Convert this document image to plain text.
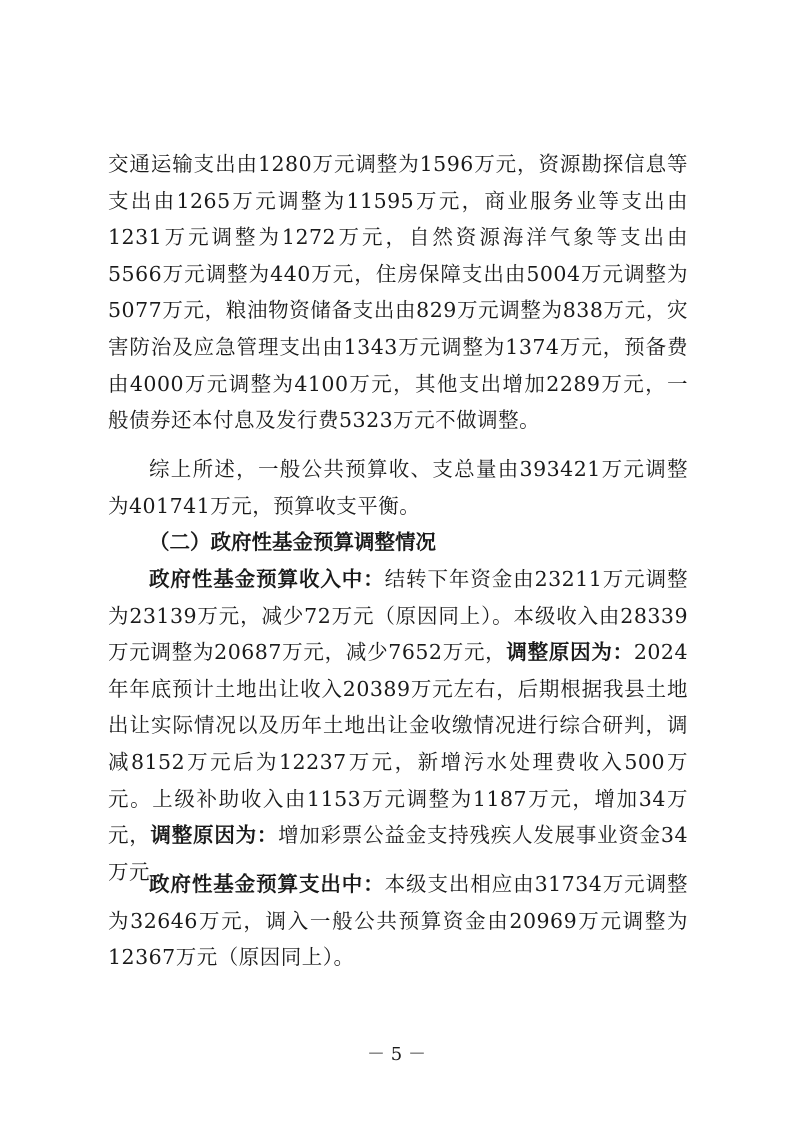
交通运输支出由1280万元调整为1596万元，资源勘探信息等支出由1265万元调整为11595万元，商业服务业等支出由1231万元调整为1272万元，自然资源海洋气象等支出由5566万元调整为440万元，住房保障支出由5004万元调整为5077万元，粮油物资储备支出由829万元调整为838万元，灾害防治及应急管理支出由1343万元调整为1374万元，预备费由4000万元调整为4100万元，其他支出增加2289万元，一般债券还本付息及发行费5323万元不做调整。

综上所述，一般公共预算收、支总量由393421万元调整为401741万元，预算收支平衡。

（二）政府性基金预算调整情况

政府性基金预算收入中：结转下年资金由23211万元调整为23139万元，减少72万元（原因同上）。本级收入由28339万元调整为20687万元，减少7652万元，调整原因为：2024年年底预计土地出让收入20389万元左右，后期根据我县土地出让实际情况以及历年土地出让金收缴情况进行综合研判，调减8152万元后为12237万元，新增污水处理费收入500万元。上级补助收入由1153万元调整为1187万元，增加34万元，调整原因为：增加彩票公益金支持残疾人发展事业资金34万元。

政府性基金预算支出中：本级支出相应由31734万元调整为32646万元，调入一般公共预算资金由20969万元调整为12367万元（原因同上）。

－ 5 －
